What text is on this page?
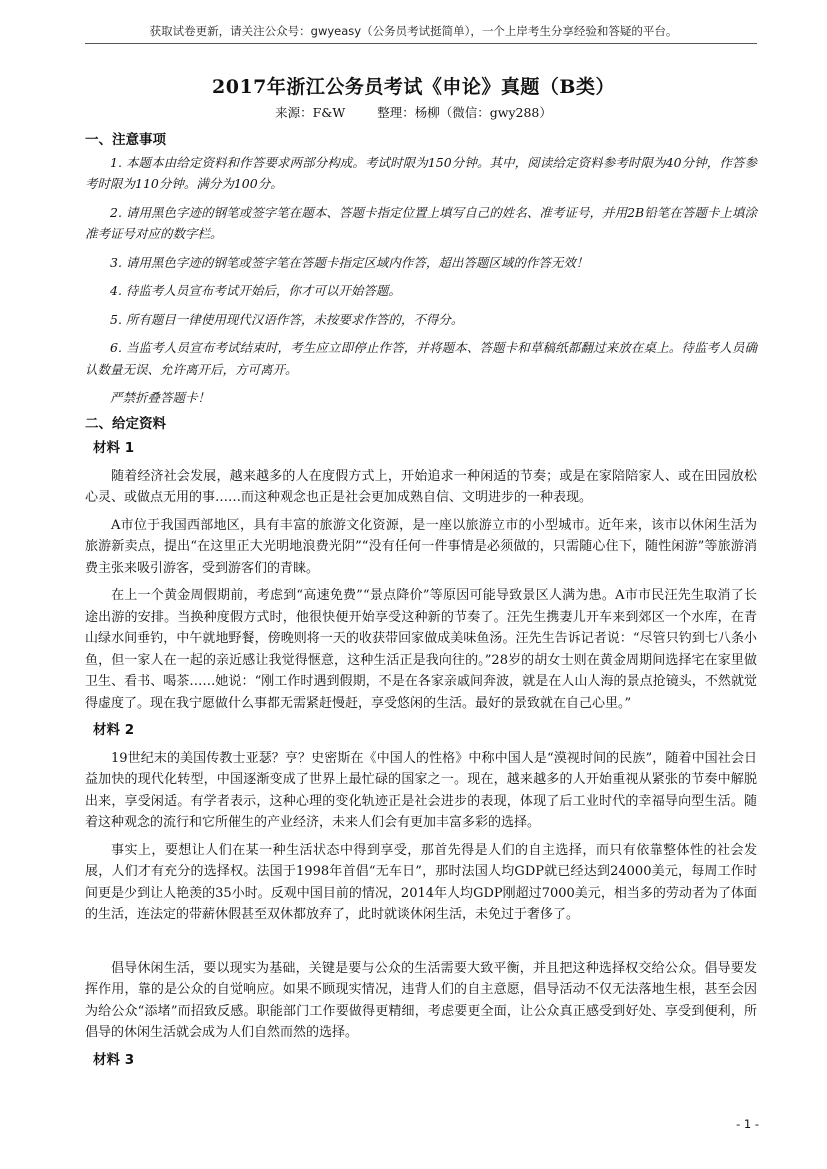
获取试卷更新，请关注公众号：gwyeasy（公务员考试挺简单），一个上岸考生分享经验和答疑的平台。
2017年浙江公务员考试《申论》真题（B类）
来源：F&W	整理：杨柳（微信：gwy288）

一、注意事项

1. 本题本由给定资料和作答要求两部分构成。考试时限为150分钟。其中，阅读给定资料参考时限为40分钟，作答参考时限为110分钟。满分为100分。

2. 请用黑色字迹的钢笔或签字笔在题本、答题卡指定位置上填写自己的姓名、准考证号，并用2B铅笔在答题卡上填涂准考证号对应的数字栏。

3. 请用黑色字迹的钢笔或签字笔在答题卡指定区域内作答，超出答题区域的作答无效！

4. 待监考人员宣布考试开始后，你才可以开始答题。

5. 所有题目一律使用现代汉语作答，未按要求作答的，不得分。

6. 当监考人员宣布考试结束时，考生应立即停止作答，并将题本、答题卡和草稿纸都翻过来放在桌上。待监考人员确认数量无误、允许离开后，方可离开。

严禁折叠答题卡！

二、给定资料

材料 1

随着经济社会发展，越来越多的人在度假方式上，开始追求一种闲适的节奏；或是在家陪陪家人、或在田园放松心灵、或做点无用的事……而这种观念也正是社会更加成熟自信、文明进步的一种表现。

A市位于我国西部地区，具有丰富的旅游文化资源，是一座以旅游立市的小型城市。近年来，该市以休闲生活为旅游新卖点，提出“在这里正大光明地浪费光阴”“没有任何一件事情是必须做的，只需随心住下，随性闲游”等旅游消费主张来吸引游客，受到游客们的青睐。

在上一个黄金周假期前，考虑到“高速免费”“景点降价”等原因可能导致景区人满为患。A市市民汪先生取消了长途出游的安排。当换种度假方式时，他很快便开始享受这种新的节奏了。汪先生携妻儿开车来到郊区一个水库，在青山绿水间垂钓，中午就地野餐，傍晚则将一天的收获带回家做成美味鱼汤。汪先生告诉记者说：“尽管只钓到七八条小鱼，但一家人在一起的亲近感让我觉得惬意，这种生活正是我向往的。”28岁的胡女士则在黄金周期间选择宅在家里做卫生、看书、喝茶……她说：“刚工作时遇到假期，不是在各家亲戚间奔波，就是在人山人海的景点抢镜头，不然就觉得虚度了。现在我宁愿做什么事都无需紧赶慢赶，享受悠闲的生活。最好的景致就在自己心里。”

材料 2

19世纪末的美国传教士亚瑟？亨？史密斯在《中国人的性格》中称中国人是“漠视时间的民族”，随着中国社会日益加快的现代化转型，中国逐渐变成了世界上最忙碌的国家之一。现在，越来越多的人开始重视从紧张的节奏中解脱出来，享受闲适。有学者表示，这种心理的变化轨迹正是社会进步的表现，体现了后工业时代的幸福导向型生活。随着这种观念的流行和它所催生的产业经济，未来人们会有更加丰富多彩的选择。

事实上，要想让人们在某一种生活状态中得到享受，那首先得是人们的自主选择，而只有依靠整体性的社会发展，人们才有充分的选择权。法国于1998年首倡“无车日”，那时法国人均GDP就已经达到24000美元，每周工作时间更是少到让人艳羡的35小时。反观中国目前的情况，2014年人均GDP刚超过7000美元，相当多的劳动者为了体面的生活，连法定的带薪休假甚至双休都放弃了，此时就谈休闲生活，未免过于奢侈了。

倡导休闲生活，要以现实为基础，关键是要与公众的生活需要大致平衡，并且把这种选择权交给公众。倡导要发挥作用，靠的是公众的自觉响应。如果不顾现实情况，违背人们的自主意愿，倡导活动不仅无法落地生根，甚至会因为给公众“添堵”而招致反感。职能部门工作要做得更精细，考虑要更全面，让公众真正感受到好处、享受到便利，所倡导的休闲生活就会成为人们自然而然的选择。

材料 3

- 1 -
